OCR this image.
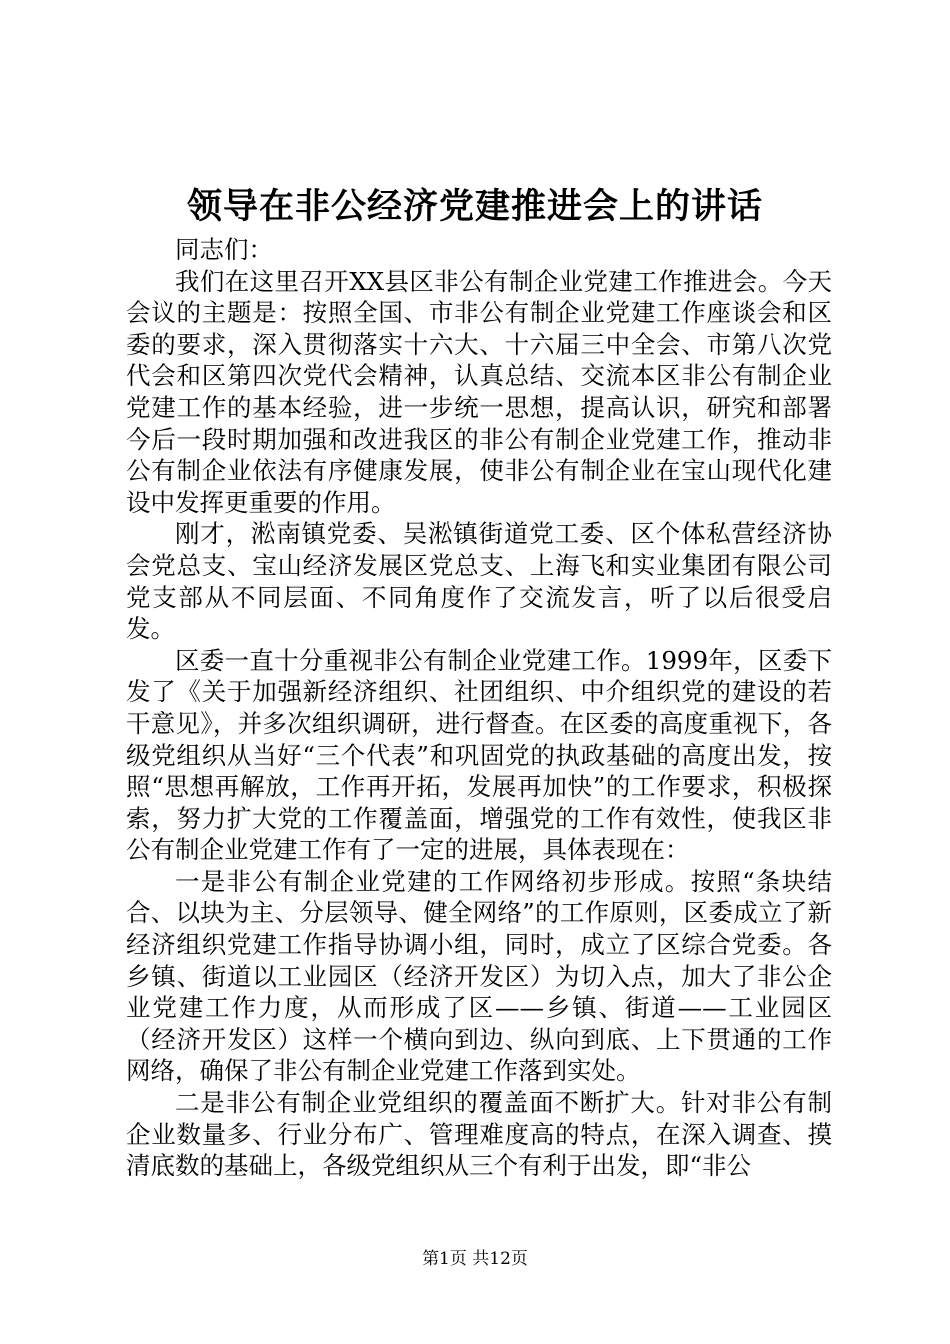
领导在非公经济党建推进会上的讲话

同志们：

我们在这里召开XX县区非公有制企业党建工作推进会。今天会议的主题是：按照全国、市非公有制企业党建工作座谈会和区委的要求，深入贯彻落实十六大、十六届三中全会、市第八次党代会和区第四次党代会精神，认真总结、交流本区非公有制企业党建工作的基本经验，进一步统一思想，提高认识，研究和部署今后一段时期加强和改进我区的非公有制企业党建工作，推动非公有制企业依法有序健康发展，使非公有制企业在宝山现代化建设中发挥更重要的作用。

刚才，淞南镇党委、吴淞镇街道党工委、区个体私营经济协会党总支、宝山经济发展区党总支、上海飞和实业集团有限公司党支部从不同层面、不同角度作了交流发言，听了以后很受启发。

区委一直十分重视非公有制企业党建工作。1999年，区委下发了《关于加强新经济组织、社团组织、中介组织党的建设的若干意见》，并多次组织调研，进行督查。在区委的高度重视下，各级党组织从当好“三个代表”和巩固党的执政基础的高度出发，按照“思想再解放，工作再开拓，发展再加快”的工作要求，积极探索，努力扩大党的工作覆盖面，增强党的工作有效性，使我区非公有制企业党建工作有了一定的进展，具体表现在：

一是非公有制企业党建的工作网络初步形成。按照“条块结合、以块为主、分层领导、健全网络”的工作原则，区委成立了新经济组织党建工作指导协调小组，同时，成立了区综合党委。各乡镇、街道以工业园区（经济开发区）为切入点，加大了非公企业党建工作力度，从而形成了区——乡镇、街道——工业园区（经济开发区）这样一个横向到边、纵向到底、上下贯通的工作网络，确保了非公有制企业党建工作落到实处。

二是非公有制企业党组织的覆盖面不断扩大。针对非公有制企业数量多、行业分布广、管理难度高的特点，在深入调查、摸清底数的基础上，各级党组织从三个有利于出发，即“非公

第1页 共12页
